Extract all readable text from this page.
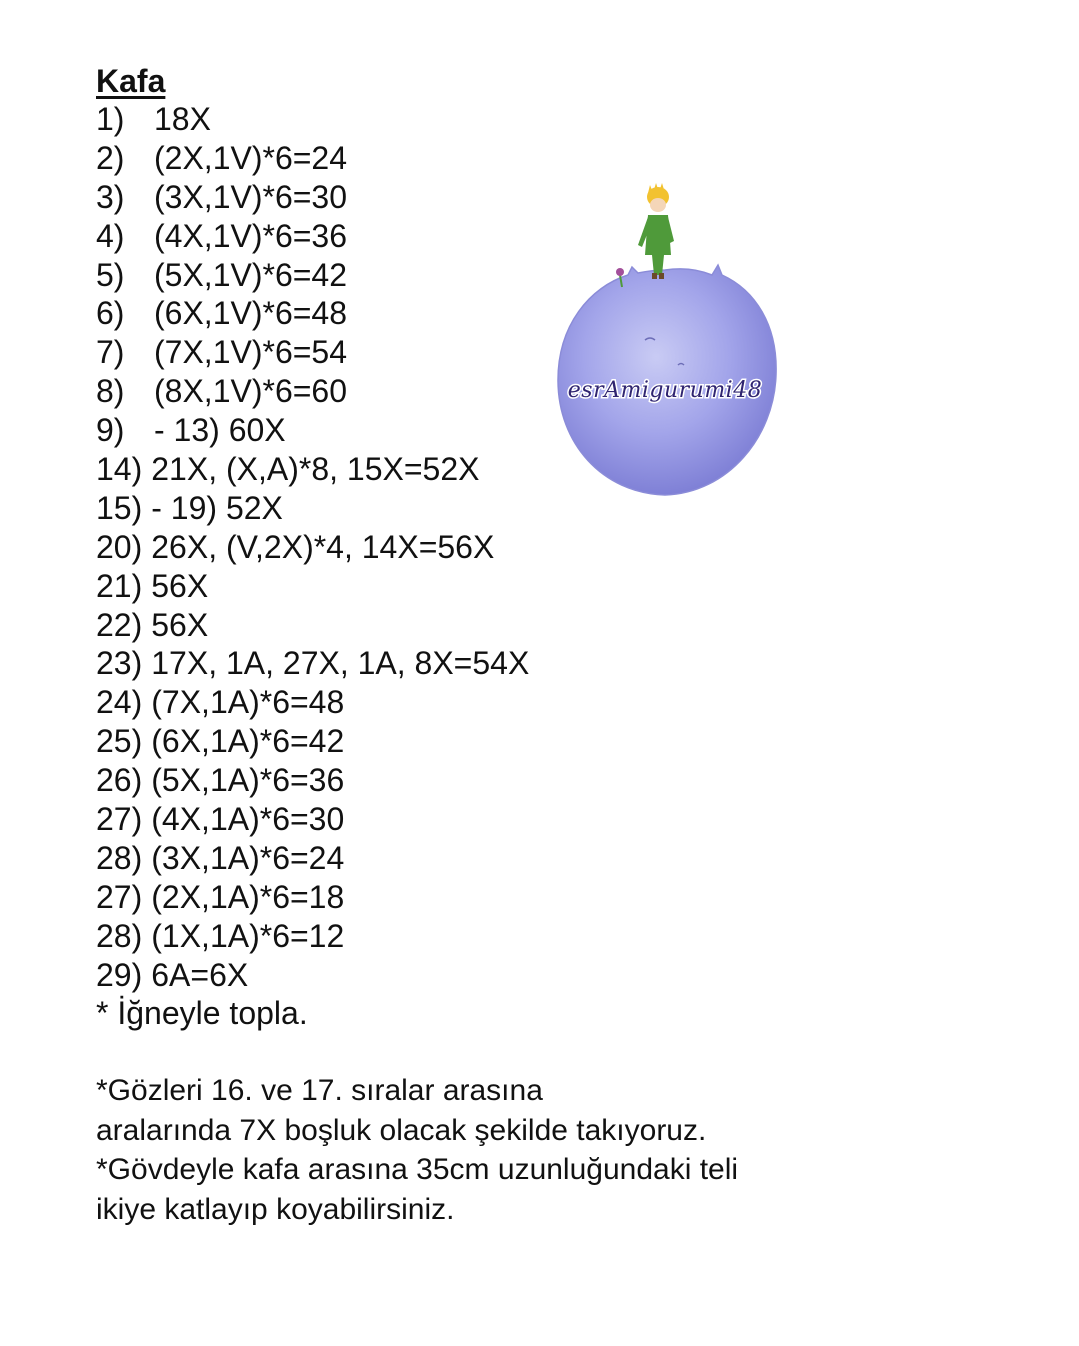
Kafa
1) 18X
2) (2X,1V)*6=24
3) (3X,1V)*6=30
4) (4X,1V)*6=36
5) (5X,1V)*6=42
6) (6X,1V)*6=48
7) (7X,1V)*6=54
8) (8X,1V)*6=60
9) - 13) 60X
14) 21X, (X,A)*8, 15X=52X
15) - 19) 52X
20) 26X, (V,2X)*4, 14X=56X
21) 56X
22) 56X
23) 17X, 1A, 27X, 1A, 8X=54X
24) (7X,1A)*6=48
25) (6X,1A)*6=42
26) (5X,1A)*6=36
27) (4X,1A)*6=30
28) (3X,1A)*6=24
27) (2X,1A)*6=18
28) (1X,1A)*6=12
29) 6A=6X
* İğneyle topla.

*Gözleri 16. ve 17. sıralar arasına

aralarında 7X boşluk olacak şekilde takıyoruz.

*Gövdeyle kafa arasına 35cm uzunluğundaki teli

ikiye katlayıp koyabilirsiniz.

esrAmigurumi48
